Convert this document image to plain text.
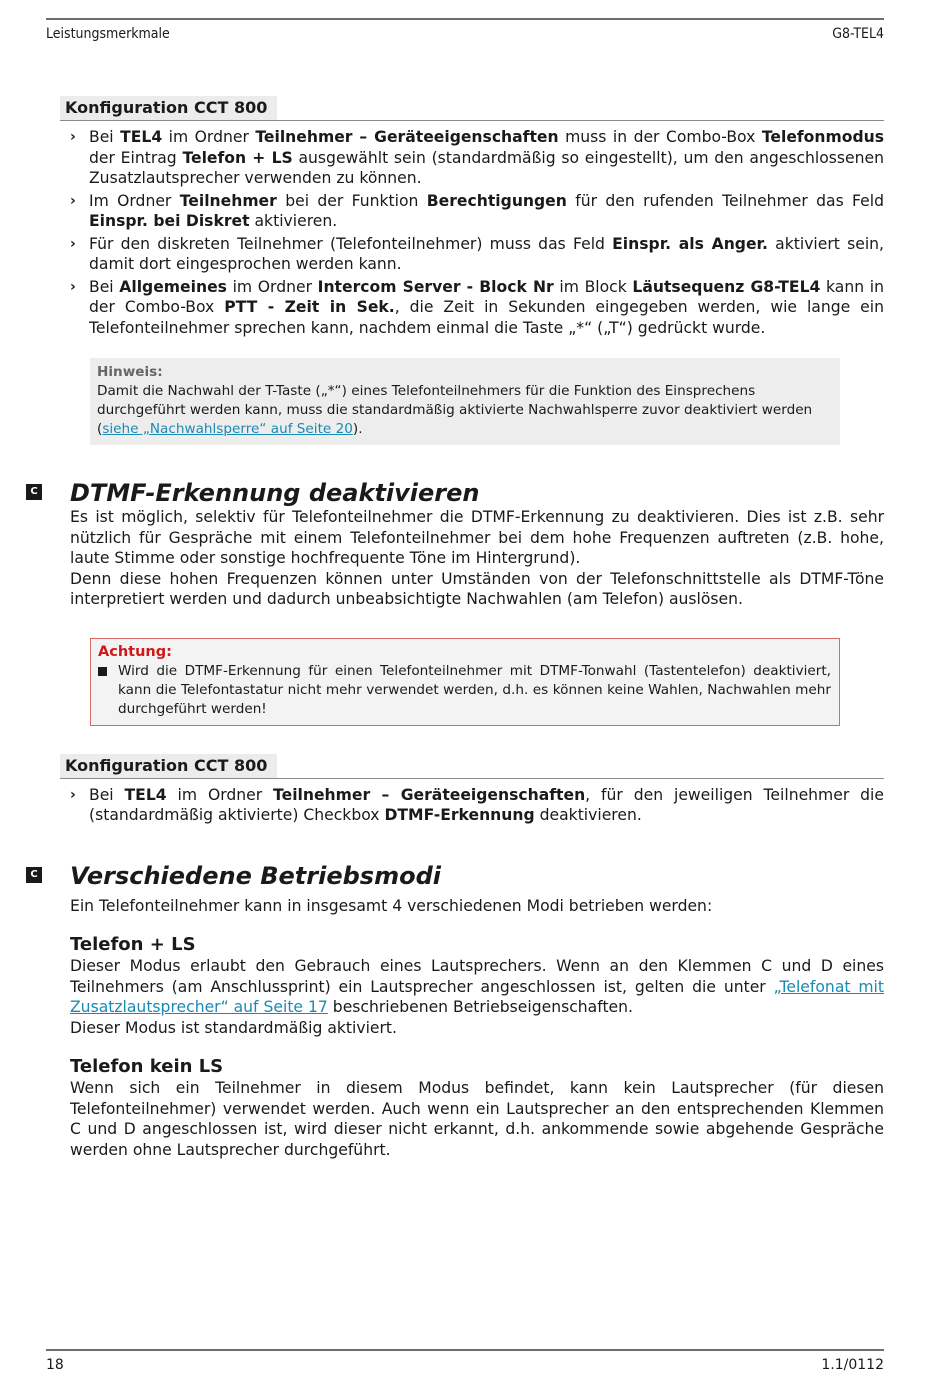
Leistungsmerkmale	G8-TEL4
Konfiguration CCT 800
› Bei TEL4 im Ordner Teilnehmer – Geräteeigenschaften muss in der Combo-Box Telefonmodus der Eintrag Telefon + LS ausgewählt sein (standardmäßig so eingestellt), um den angeschlossenen Zusatzlautsprecher verwenden zu können.
› Im Ordner Teilnehmer bei der Funktion Berechtigungen für den rufenden Teilnehmer das Feld Einspr. bei Diskret aktivieren.
› Für den diskreten Teilnehmer (Telefonteilnehmer) muss das Feld Einspr. als Anger. aktiviert sein, damit dort eingesprochen werden kann.
› Bei Allgemeines im Ordner Intercom Server - Block Nr im Block Läutsequenz G8-TEL4 kann in der Combo-Box PTT - Zeit in Sek., die Zeit in Sekunden eingegeben werden, wie lange ein Telefonteilnehmer sprechen kann, nachdem einmal die Taste „*“ („T“) gedrückt wurde.
Hinweis:
Damit die Nachwahl der T-Taste („*“) eines Telefonteilnehmers für die Funktion des Einsprechens durchgeführt werden kann, muss die standardmäßig aktivierte Nachwahlsperre zuvor deaktiviert werden (siehe „Nachwahlsperre“ auf Seite 20).
C DTMF-Erkennung deaktivieren
Es ist möglich, selektiv für Telefonteilnehmer die DTMF-Erkennung zu deaktivieren. Dies ist z.B. sehr nützlich für Gespräche mit einem Telefonteilnehmer bei dem hohe Frequenzen auftreten (z.B. hohe, laute Stimme oder sonstige hochfrequente Töne im Hintergrund).
Denn diese hohen Frequenzen können unter Umständen von der Telefonschnittstelle als DTMF-Töne interpretiert werden und dadurch unbeabsichtigte Nachwahlen (am Telefon) auslösen.
Achtung:
Wird die DTMF-Erkennung für einen Telefonteilnehmer mit DTMF-Tonwahl (Tastentelefon) deaktiviert, kann die Telefontastatur nicht mehr verwendet werden, d.h. es können keine Wahlen, Nachwahlen mehr durchgeführt werden!
Konfiguration CCT 800
› Bei TEL4 im Ordner Teilnehmer – Geräteeigenschaften, für den jeweiligen Teilnehmer die (standardmäßig aktivierte) Checkbox DTMF-Erkennung deaktivieren.
C Verschiedene Betriebsmodi
Ein Telefonteilnehmer kann in insgesamt 4 verschiedenen Modi betrieben werden:
Telefon + LS
Dieser Modus erlaubt den Gebrauch eines Lautsprechers. Wenn an den Klemmen C und D eines Teilnehmers (am Anschlussprint) ein Lautsprecher angeschlossen ist, gelten die unter „Telefonat mit Zusatzlautsprecher“ auf Seite 17 beschriebenen Betriebseigenschaften.
Dieser Modus ist standardmäßig aktiviert.
Telefon kein LS
Wenn sich ein Teilnehmer in diesem Modus befindet, kann kein Lautsprecher (für diesen Telefonteilnehmer) verwendet werden. Auch wenn ein Lautsprecher an den entsprechenden Klemmen C und D angeschlossen ist, wird dieser nicht erkannt, d.h. ankommende sowie abgehende Gespräche werden ohne Lautsprecher durchgeführt.
18	1.1/0112
